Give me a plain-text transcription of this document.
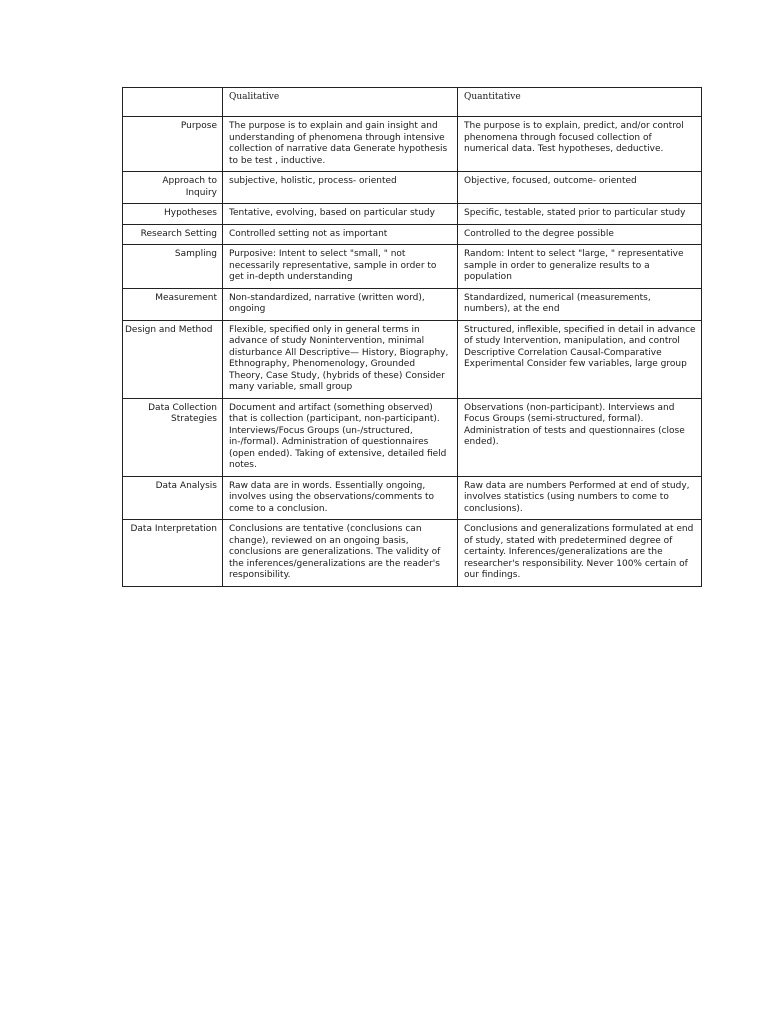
	Qualitative	Quantitative
Purpose	The purpose is to explain and gain insight and understanding of phenomena through intensive collection of narrative data Generate hypothesis to be test , inductive.	The purpose is to explain, predict, and/or control phenomena through focused collection of numerical data. Test hypotheses, deductive.
Approach to Inquiry	subjective, holistic, process- oriented	Objective, focused, outcome- oriented
Hypotheses	Tentative, evolving, based on particular study	Specific, testable, stated prior to particular study
Research Setting	Controlled setting not as important	Controlled to the degree possible
Sampling	Purposive: Intent to select "small, " not necessarily representative, sample in order to get in-depth understanding	Random: Intent to select "large, " representative sample in order to generalize results to a population
Measurement	Non-standardized, narrative (written word), ongoing	Standardized, numerical (measurements, numbers), at the end
Design and Method	Flexible, specified only in general terms in advance of study Nonintervention, minimal disturbance All Descriptive— History, Biography, Ethnography, Phenomenology, Grounded Theory, Case Study, (hybrids of these) Consider many variable, small group	Structured, inflexible, specified in detail in advance of study Intervention, manipulation, and control Descriptive Correlation Causal-Comparative Experimental Consider few variables, large group
Data Collection Strategies	Document and artifact (something observed) that is collection (participant, non-participant). Interviews/Focus Groups (un-/structured, in-/formal). Administration of questionnaires (open ended). Taking of extensive, detailed field notes.	Observations (non-participant). Interviews and Focus Groups (semi-structured, formal). Administration of tests and questionnaires (close ended).
Data Analysis	Raw data are in words. Essentially ongoing, involves using the observations/comments to come to a conclusion.	Raw data are numbers Performed at end of study, involves statistics (using numbers to come to conclusions).
Data Interpretation	Conclusions are tentative (conclusions can change), reviewed on an ongoing basis, conclusions are generalizations. The validity of the inferences/generalizations are the reader's responsibility.	Conclusions and generalizations formulated at end of study, stated with predetermined degree of certainty. Inferences/generalizations are the researcher's responsibility. Never 100% certain of our findings.
